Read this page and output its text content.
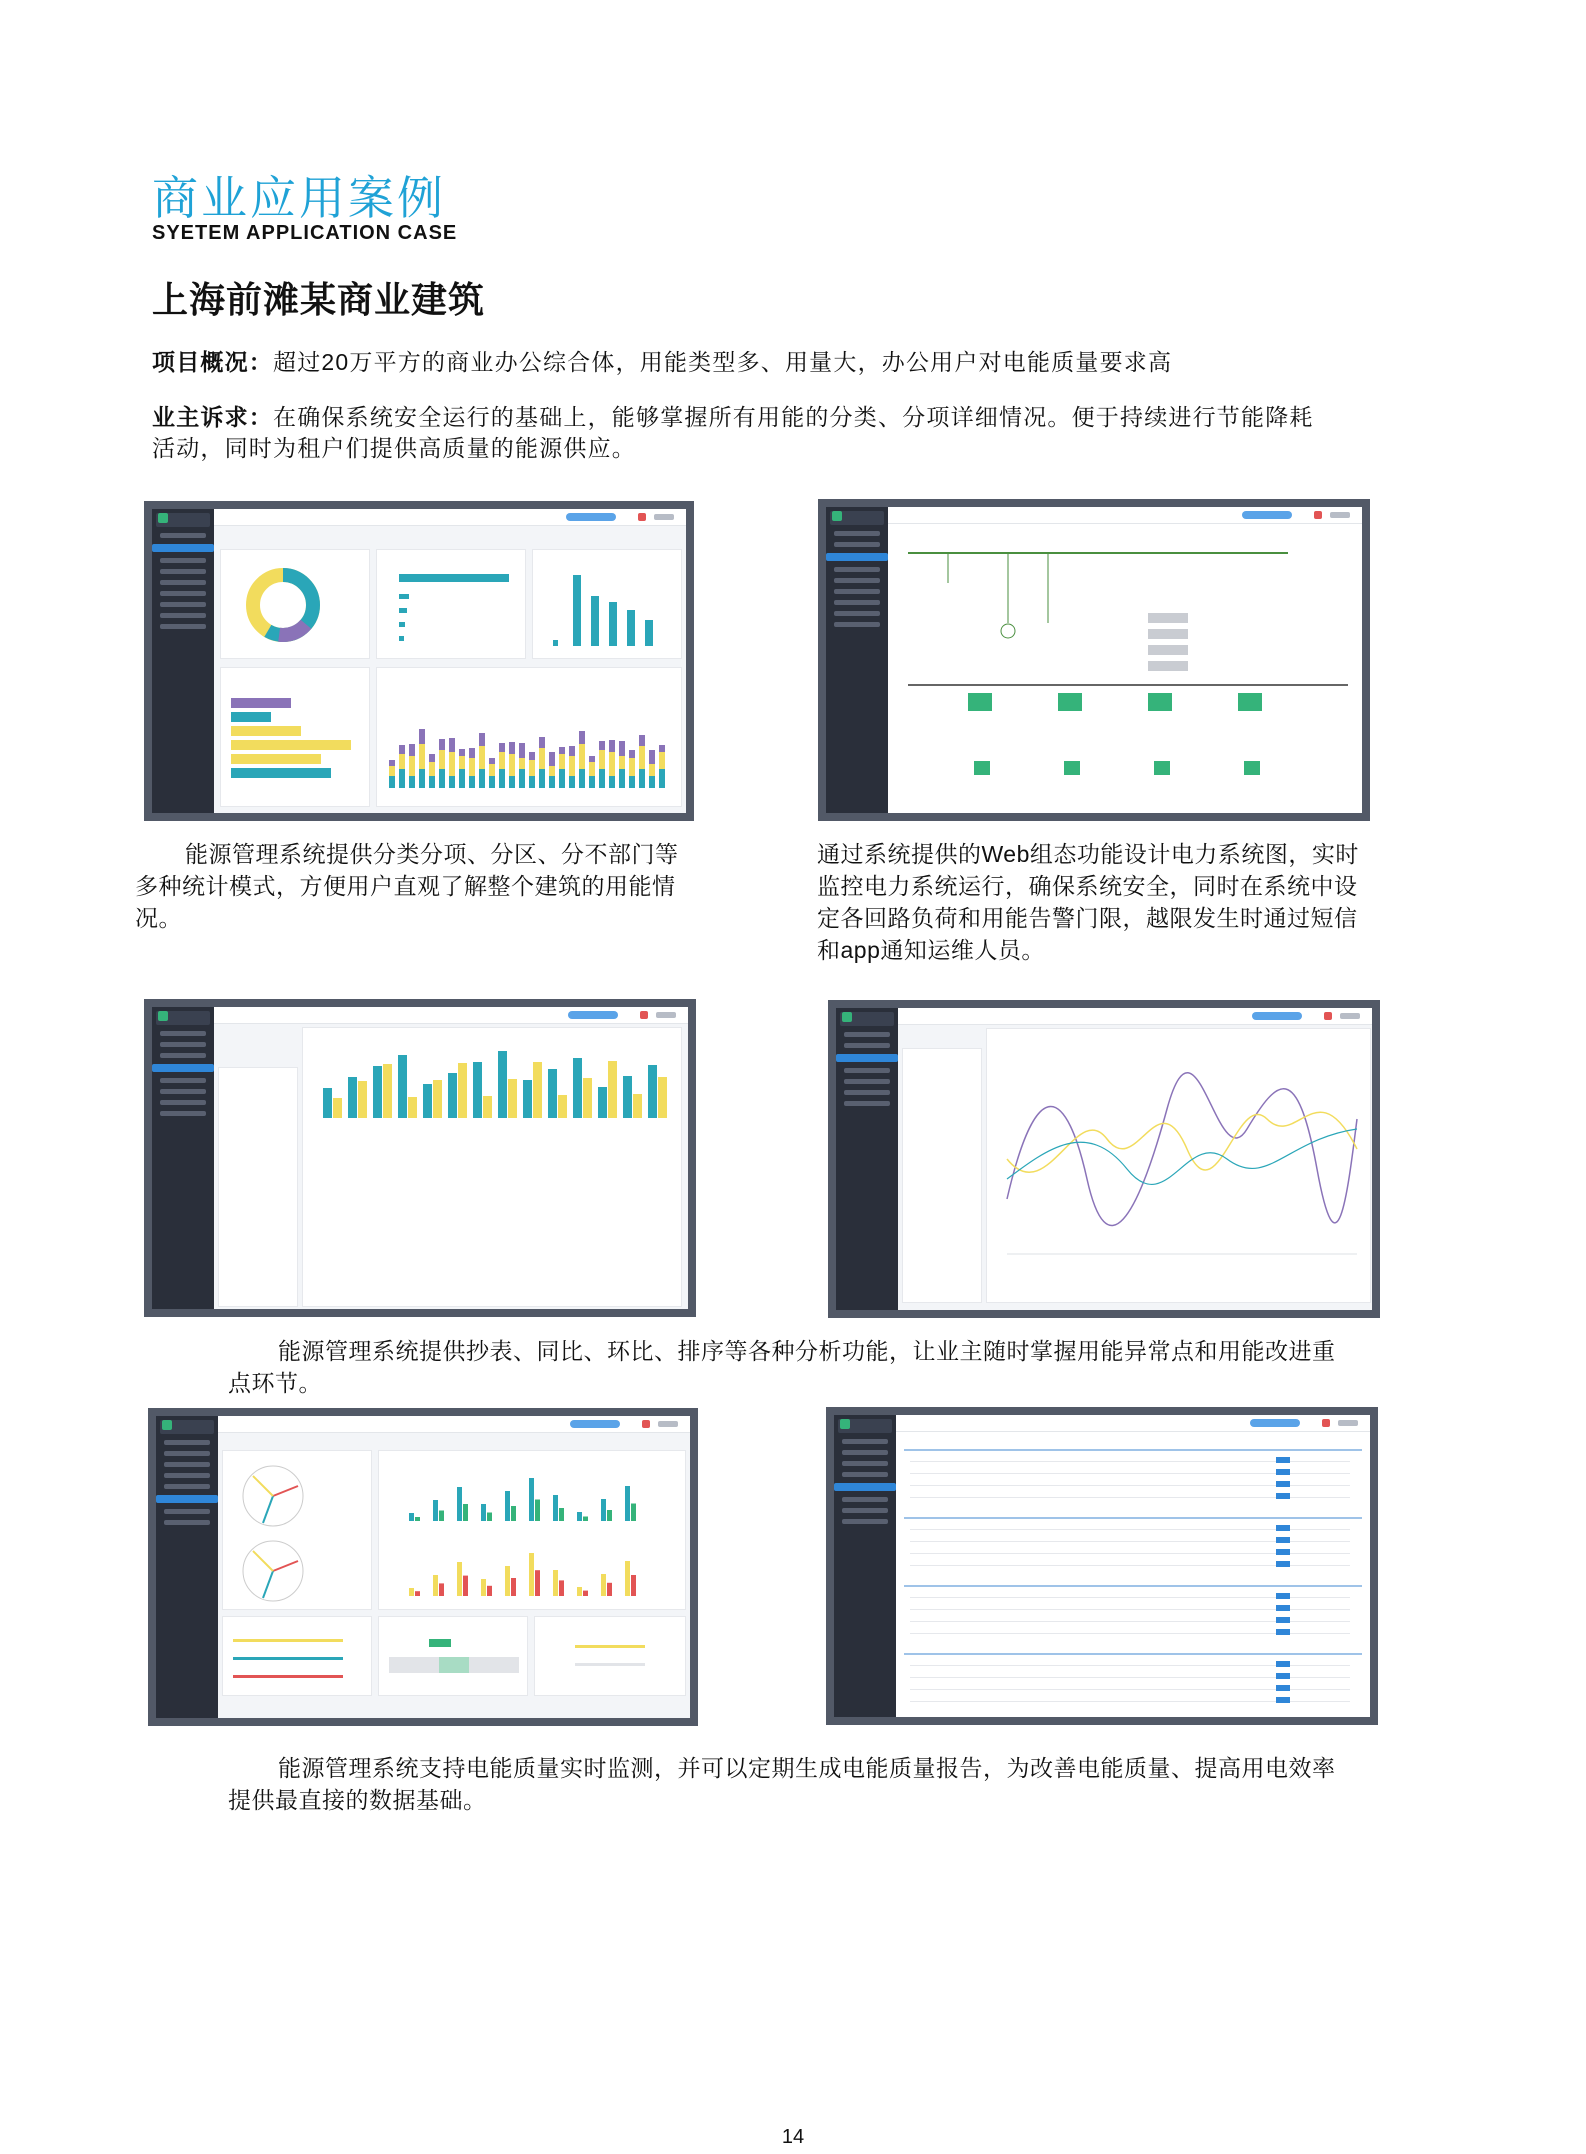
商业应用案例
SYETEM APPLICATION CASE
上海前滩某商业建筑
项目概况：超过20万平方的商业办公综合体，用能类型多、用量大，办公用户对电能质量要求高
业主诉求：在确保系统安全运行的基础上，能够掌握所有用能的分类、分项详细情况。便于持续进行节能降耗
活动，同时为租户们提供高质量的能源供应。
能源管理系统提供分类分项、分区、分不部门等
多种统计模式，方便用户直观了解整个建筑的用能情
况。
通过系统提供的Web组态功能设计电力系统图，实时
监控电力系统运行，确保系统安全，同时在系统中设
定各回路负荷和用能告警门限，越限发生时通过短信
和app通知运维人员。
能源管理系统提供抄表、同比、环比、排序等各种分析功能，让业主随时掌握用能异常点和用能改进重
点环节。
能源管理系统支持电能质量实时监测，并可以定期生成电能质量报告，为改善电能质量、提高用电效率
提供最直接的数据基础。
14
